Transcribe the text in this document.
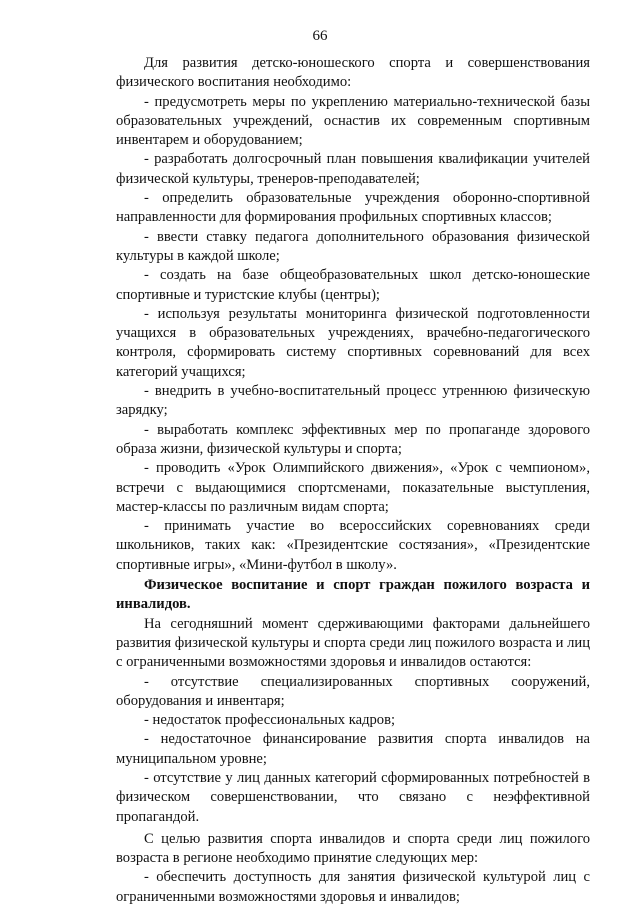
66

Для развития детско-юношеского спорта и совершенствования физического воспитания необходимо:

- предусмотреть меры по укреплению материально-технической базы образовательных учреждений, оснастив их современным спортивным инвентарем и оборудованием;

- разработать долгосрочный план повышения квалификации учителей физической культуры, тренеров-преподавателей;

- определить образовательные учреждения оборонно-спортивной направленности для формирования профильных спортивных классов;

- ввести ставку педагога дополнительного образования физической культуры в каждой школе;

- создать на базе общеобразовательных школ детско-юношеские спортивные и туристские клубы (центры);

- используя результаты мониторинга физической подготовленности учащихся в образовательных учреждениях, врачебно-педагогического контроля, сформировать систему спортивных соревнований для всех категорий учащихся;

- внедрить в учебно-воспитательный процесс утреннюю физическую зарядку;

- выработать комплекс эффективных мер по пропаганде здорового образа жизни, физической культуры и спорта;

- проводить «Урок Олимпийского движения», «Урок с чемпионом», встречи с выдающимися спортсменами, показательные выступления, мастер-классы по различным видам спорта;

- принимать участие во всероссийских соревнованиях среди школьников, таких как: «Президентские состязания», «Президентские спортивные игры», «Мини-футбол в школу».

Физическое воспитание и спорт граждан пожилого возраста и инвалидов.

На сегодняшний момент сдерживающими факторами дальнейшего развития физической культуры и спорта среди лиц пожилого возраста и лиц с ограниченными возможностями здоровья и инвалидов остаются:

- отсутствие специализированных спортивных сооружений, оборудования и инвентаря;

- недостаток профессиональных кадров;

- недостаточное финансирование развития спорта инвалидов на муниципальном уровне;

- отсутствие у лиц данных категорий сформированных потребностей в физическом совершенствовании, что связано с неэффективной пропагандой.

С целью развития спорта инвалидов и спорта среди лиц пожилого возраста в регионе необходимо принятие следующих мер:

- обеспечить доступность для занятия физической культурой лиц с ограниченными возможностями здоровья и инвалидов;
